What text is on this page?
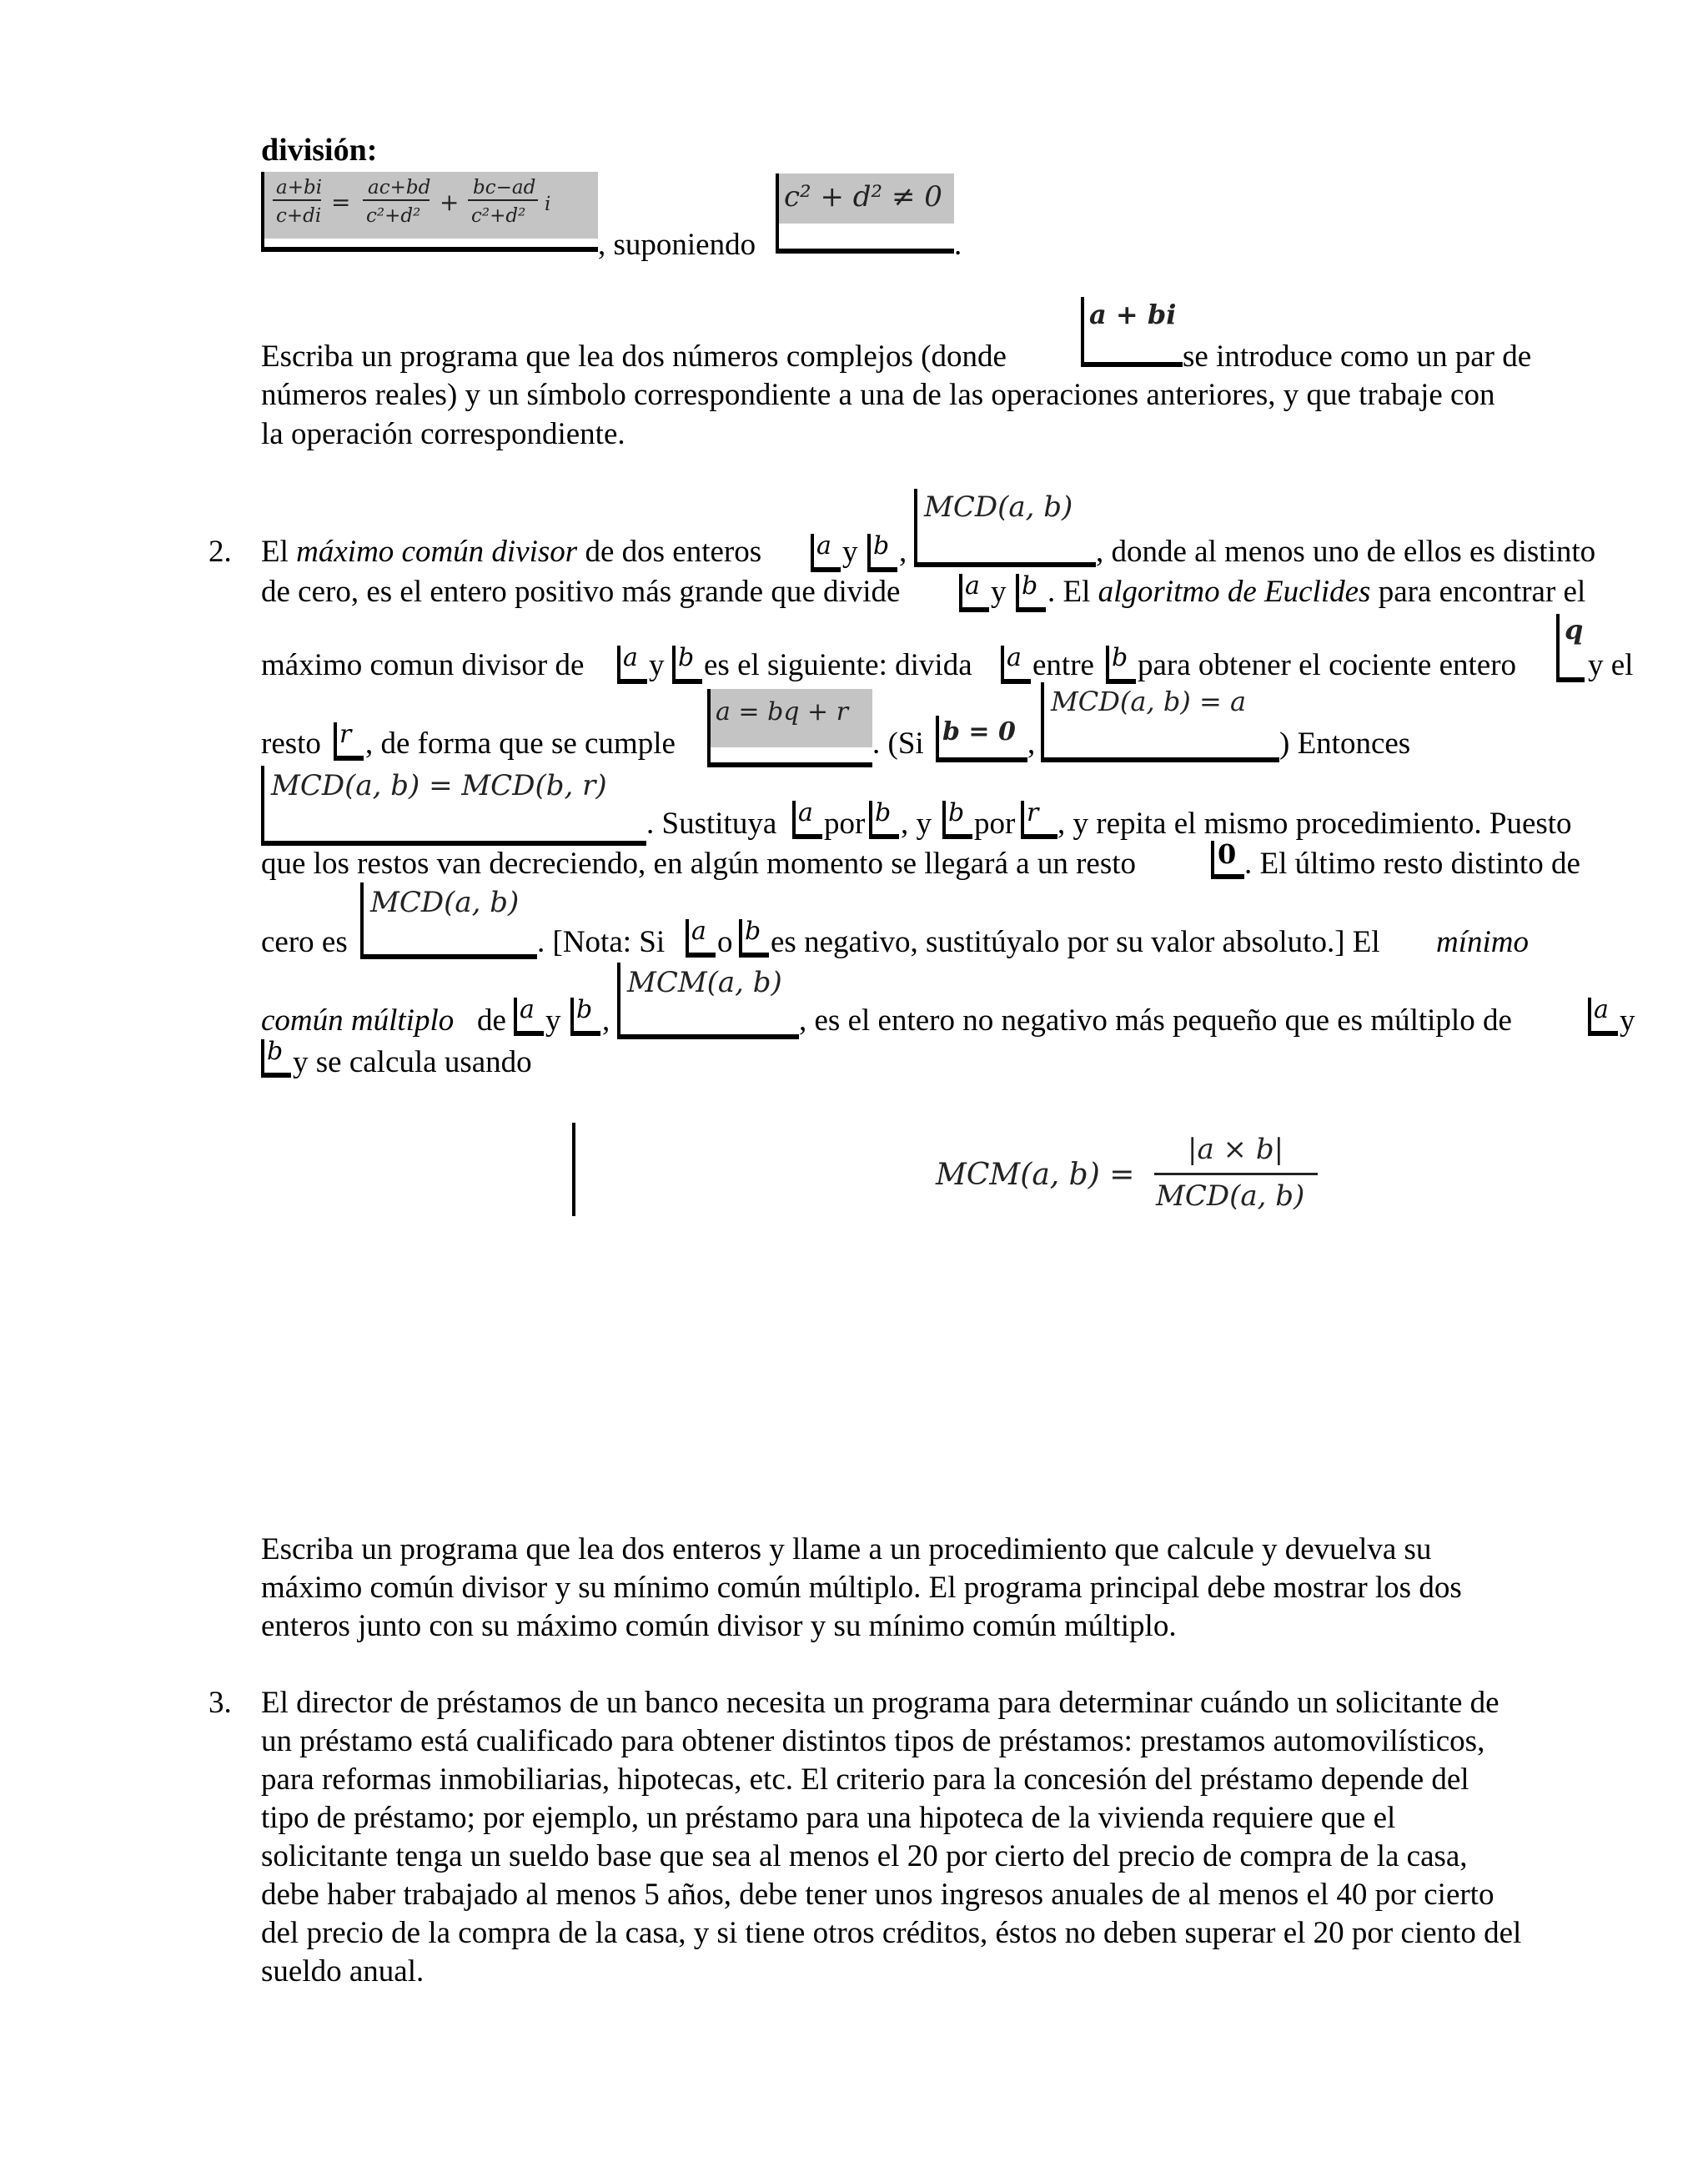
división:

a+bi
c+di =
ac+bd
c²+d² +
bc−ad
c²+d²
i
, suponiendo
c² + d² ≠ 0
.
a + bi

Escriba un programa que lea dos números complejos (donde	se introduce como un par de

números reales) y un símbolo correspondiente a una de las operaciones anteriores, y que trabaje con

la operación correspondiente.

2. El máximo común divisor de dos enteros	a y b ,
MCD(a, b)
, donde al menos uno de ellos es distinto
de cero, es el entero positivo más grande que divide	a y b . El algoritmo de Euclides para encontrar el
máximo comun divisor de	a y b es el siguiente: divida	a entre b para obtener el cociente entero
q
y el
resto r , de forma que se cumple
a = bq + r
. (Si b = 0 ,
MCD(a, b) = a
) Entonces
MCD(a, b) = MCD(b, r)
. Sustituya a por b , y b por r , y repita el mismo procedimiento. Puesto
que los restos van decreciendo, en algún momento se llegará a un resto	0 . El último resto distinto de
cero es
MCD(a, b)
. [Nota: Si	a o b es negativo, sustitúyalo por su valor absoluto.] El	mínimo
común múltiplo de a y b ,
MCM(a, b)
, es el entero no negativo más pequeño que es múltiplo de	a y
b y se calcula usando
MCM(a, b) =
|a × b|
MCD(a, b)

Escriba un programa que lea dos enteros y llame a un procedimiento que calcule y devuelva su

máximo común divisor y su mínimo común múltiplo. El programa principal debe mostrar los dos

enteros junto con su máximo común divisor y su mínimo común múltiplo.

3. El director de préstamos de un banco necesita un programa para determinar cuándo un solicitante de

un préstamo está cualificado para obtener distintos tipos de préstamos: prestamos automovilísticos,

para reformas inmobiliarias, hipotecas, etc. El criterio para la concesión del préstamo depende del

tipo de préstamo; por ejemplo, un préstamo para una hipoteca de la vivienda requiere que el

solicitante tenga un sueldo base que sea al menos el 20 por cierto del precio de compra de la casa,

debe haber trabajado al menos 5 años, debe tener unos ingresos anuales de al menos el 40 por cierto

del precio de la compra de la casa, y si tiene otros créditos, éstos no deben superar el 20 por ciento del

sueldo anual.
